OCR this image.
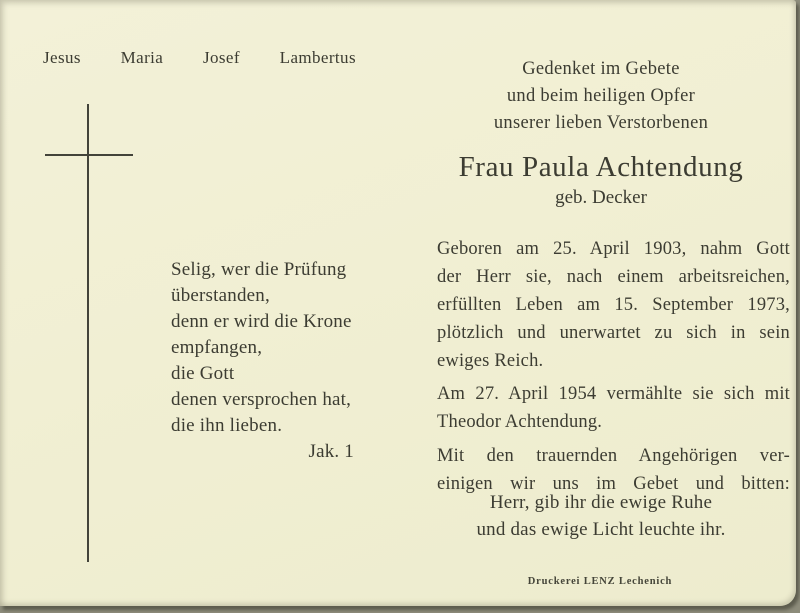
Jesus Maria Josef Lambertus
Selig, wer die Prüfung
überstanden,
denn er wird die Krone
empfangen,
die Gott
denen versprochen hat,
die ihn lieben.
Jak. 1
Gedenket im Gebete
und beim heiligen Opfer
unserer lieben Verstorbenen
Frau Paula Achtendung
geb. Decker
Geboren am 25. April 1903, nahm Gott
der Herr sie, nach einem arbeitsreichen,
erfüllten Leben am 15. September 1973,
plötzlich und unerwartet zu sich in sein
ewiges Reich.
Am 27. April 1954 vermählte sie sich mit
Theodor Achtendung.
Mit den trauernden Angehörigen ver-
einigen wir uns im Gebet und bitten:
Herr, gib ihr die ewige Ruhe
und das ewige Licht leuchte ihr.
Druckerei LENZ Lechenich
